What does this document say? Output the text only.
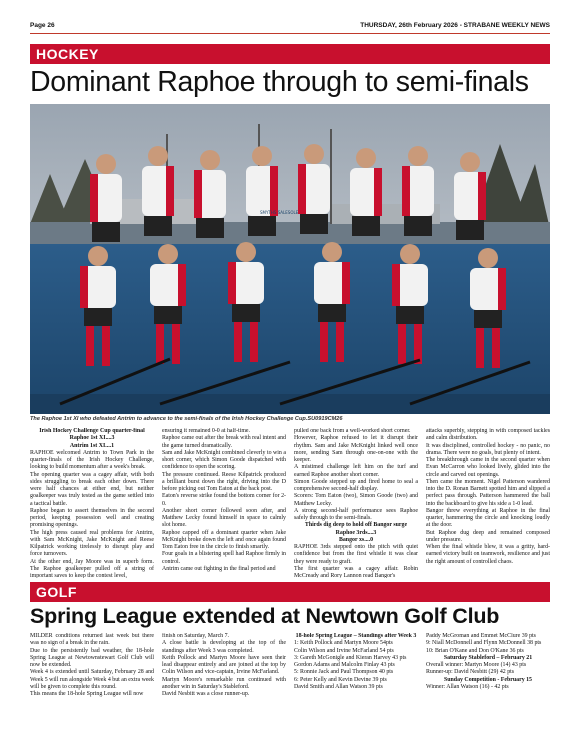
Page 26	THURSDAY, 26th February 2026 - STRABANE WEEKLY NEWS
HOCKEY
Dominant Raphoe through to semi-finals
SMYTHS SALESOLE
The Raphoe 1st XI who defeated Antrim to advance to the semi-finals of the Irish Hockey Challenge Cup.SU0919CM26

Irish Hockey Challenge Cup quarter-final

Raphoe 1st XI....3

Antrim 1st XI....1

RAPHOE welcomed Antrim to Town Park in the quarter-finals of the Irish Hockey Challenge, looking to build momentum after a week's break.

The opening quarter was a cagey affair, with both sides struggling to break each other down. There were half chances at either end, but neither goalkeeper was truly tested as the game settled into a tactical battle.

Raphoe began to assert themselves in the second period, keeping possession well and creating promising openings.

The high press caused real problems for Antrim, with Sam McKnight, Jake McKnight and Reese Kilpatrick working tirelessly to disrupt play and force turnovers.

At the other end, Jay Moore was in superb form. The Raphoe goalkeeper pulled off a string of important saves to keep the contest level,

ensuring it remained 0-0 at half-time.

Raphoe came out after the break with real intent and the game turned dramatically.

Sam and Jake McKnight combined cleverly to win a short corner, which Simon Goode dispatched with confidence to open the scoring.

The pressure continued. Reese Kilpatrick produced a brilliant burst down the right, driving into the D before picking out Tom Eaton at the back post.

Eaton's reverse strike found the bottom corner for 2-0.

Another short corner followed soon after, and Matthew Lecky found himself in space to calmly slot home.

Raphoe capped off a dominant quarter when Jake McKnight broke down the left and once again found Tom Eaton free in the circle to finish smartly.

Four goals in a blistering spell had Raphoe firmly in control.

Antrim came out fighting in the final period and

pulled one back from a well-worked short corner.

However, Raphoe refused to let it disrupt their rhythm. Sam and Jake McKnight linked well once more, sending Sam through one-on-one with the keeper.

A mistimed challenge left him on the turf and earned Raphoe another short corner.

Simon Goode stepped up and fired home to seal a comprehensive second-half display.

Scorers: Tom Eaton (two), Simon Goode (two) and Matthew Lecky.

A strong second-half performance sees Raphoe safely through to the semi-finals.

Thirds dig deep to hold off Bangor surge

Raphoe 3rds....3

Bangor xs....0

RAPHOE 3rds stepped onto the pitch with quiet confidence but from the first whistle it was clear they were ready to graft.

The first quarter was a cagey affair. Robin McCready and Rory Lannon read Bangor's

attacks superbly, stepping in with composed tackles and calm distribution.

It was disciplined, controlled hockey - no panic, no drama. There were no goals, but plenty of intent.

The breakthrough came in the second quarter when Evan McCarron who looked lively, glided into the circle and carved out openings.

Then came the moment. Nigel Patterson wandered into the D. Ronan Barnett spotted him and slipped a perfect pass through. Patterson hammered the ball into the backboard to give his side a 1-0 lead.

Bangor threw everything at Raphoe in the final quarter, hammering the circle and knocking loudly at the door.

But Raphoe dug deep and remained composed under pressure.

When the final whistle blew, it was a gritty, hard-earned victory built on teamwork, resilience and just the right amount of controlled chaos.

GOLF
Spring League extended at Newtown Golf Club

MILDER conditions returned last week but there was no sign of a break in the rain.

Due to the persistently bad weather, the 18-hole Spring League at Newtownstewart Golf Club will now be extended.

Week 4 is extended until Saturday, February 28 and Week 5 will run alongside Week 4 but an extra week will be given to complete this round.

This means the 18-hole Spring League will now

finish on Saturday, March 7.

A close battle is developing at the top of the standings after Week 3 was completed.

Keith Pollock and Martyn Moore have seen their lead disappear entirely and are joined at the top by Colin Wilson and vice-captain, Irvine McFarland.

Martyn Moore's remarkable run continued with another win in Saturday's Stableford.

David Nesbitt was a close runner-up.

18-hole Spring League – Standings after Week 3

1: Keith Pollock and Martyn Moore 54pts

Colin Wilson and Irvine McFarland 54 pts

3: Gareth McGonigle and Kieran Harvey 43 pts

Gordon Adams and Malcolm Finlay 43 pts

5: Ronnie Jack and Paul Thompson 40 pts

6: Peter Kelly and Kevin Devine 39 pts

David Smith and Allan Watson 39 pts

Paddy McGroman and Emmet McClure 39 pts

9: Niall McDonnell and Flynn McDonnell 38 pts

10: Brian O'Kane and Don O'Kane 36 pts

Saturday Stableford – February 21

Overall winner: Martyn Moore (14) 43 pts

Runner-up: David Nesbitt (29) 42 pts

Sunday Competition - February 15

Winner: Allan Watson (16) - 42 pts
